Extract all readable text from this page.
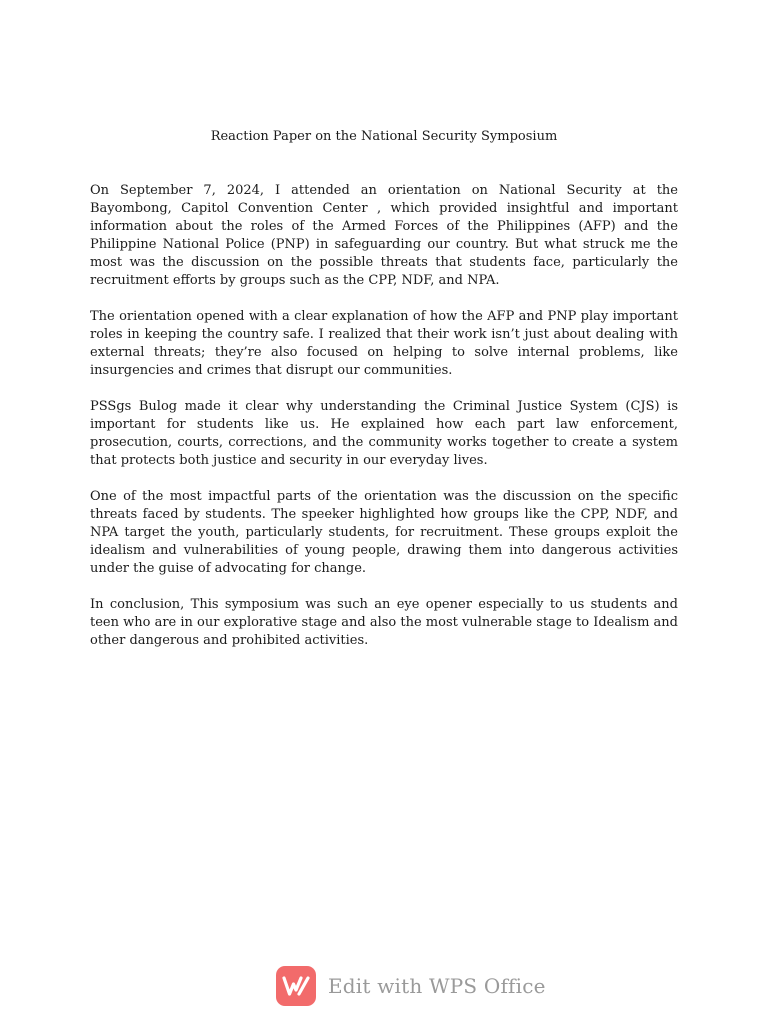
Reaction Paper on the National Security Symposium

On September 7, 2024, I attended an orientation on National Security at the Bayombong, Capitol Convention Center , which provided insightful and important information about the roles of the Armed Forces of the Philippines (AFP) and the Philippine National Police (PNP) in safeguarding our country. But what struck me the most was the discussion on the possible threats that students face, particularly the recruitment efforts by groups such as the CPP, NDF, and NPA.

The orientation opened with a clear explanation of how the AFP and PNP play important roles in keeping the country safe. I realized that their work isn’t just about dealing with external threats; they’re also focused on helping to solve internal problems, like insurgencies and crimes that disrupt our communities.

PSSgs Bulog made it clear why understanding the Criminal Justice System (CJS) is important for students like us. He explained how each part law enforcement, prosecution, courts, corrections, and the community works together to create a system that protects both justice and security in our everyday lives.

One of the most impactful parts of the orientation was the discussion on the specific threats faced by students. The speeker highlighted how groups like the CPP, NDF, and NPA target the youth, particularly students, for recruitment. These groups exploit the idealism and vulnerabilities of young people, drawing them into dangerous activities under the guise of advocating for change.

In conclusion, This symposium was such an eye opener especially to us students and teen who are in our explorative stage and also the most vulnerable stage to Idealism and other dangerous and prohibited activities.

Edit with WPS Office
